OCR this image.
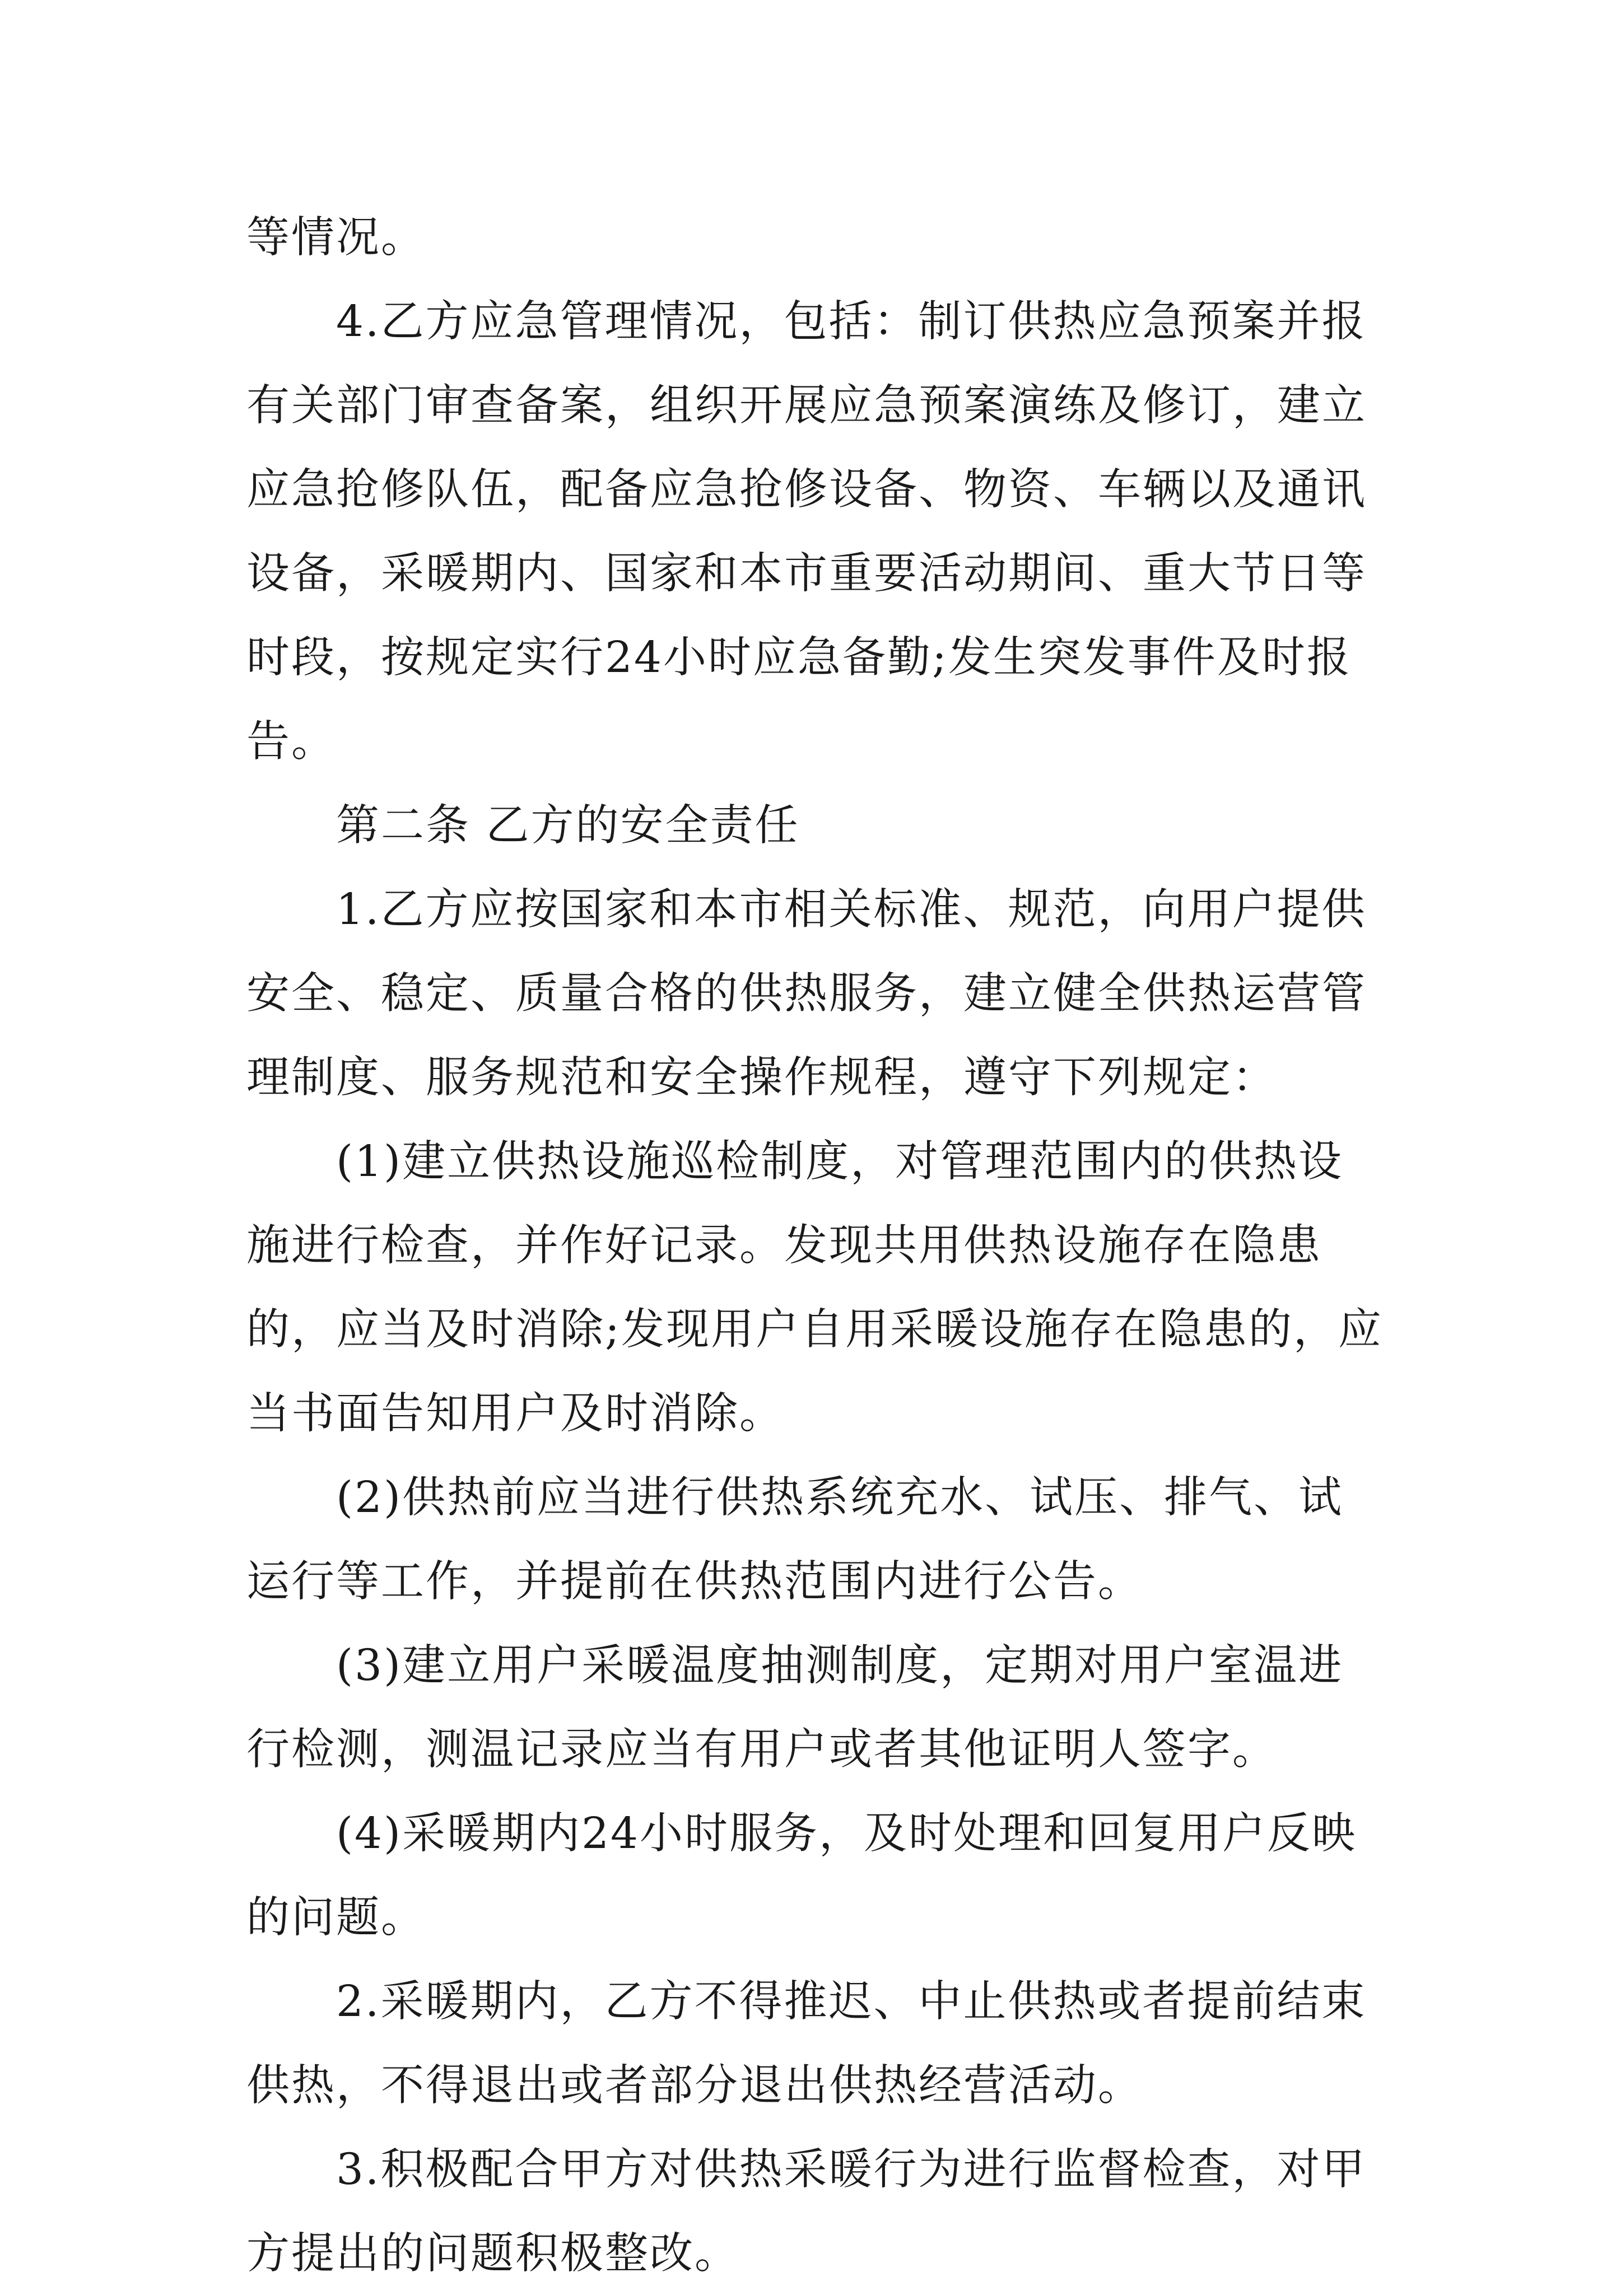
等情况。

4.乙方应急管理情况，包括：制订供热应急预案并报有关部门审查备案，组织开展应急预案演练及修订，建立应急抢修队伍，配备应急抢修设备、物资、车辆以及通讯设备，采暖期内、国家和本市重要活动期间、重大节日等时段，按规定实行24小时应急备勤;发生突发事件及时报告。

第二条 乙方的安全责任

1.乙方应按国家和本市相关标准、规范，向用户提供安全、稳定、质量合格的供热服务，建立健全供热运营管理制度、服务规范和安全操作规程，遵守下列规定：

(1)建立供热设施巡检制度，对管理范围内的供热设施进行检查，并作好记录。发现共用供热设施存在隐患的，应当及时消除;发现用户自用采暖设施存在隐患的，应当书面告知用户及时消除。

(2)供热前应当进行供热系统充水、试压、排气、试运行等工作，并提前在供热范围内进行公告。

(3)建立用户采暖温度抽测制度，定期对用户室温进行检测，测温记录应当有用户或者其他证明人签字。

(4)采暖期内24小时服务，及时处理和回复用户反映的问题。

2.采暖期内，乙方不得推迟、中止供热或者提前结束供热，不得退出或者部分退出供热经营活动。

3.积极配合甲方对供热采暖行为进行监督检查，对甲方提出的问题积极整改。
